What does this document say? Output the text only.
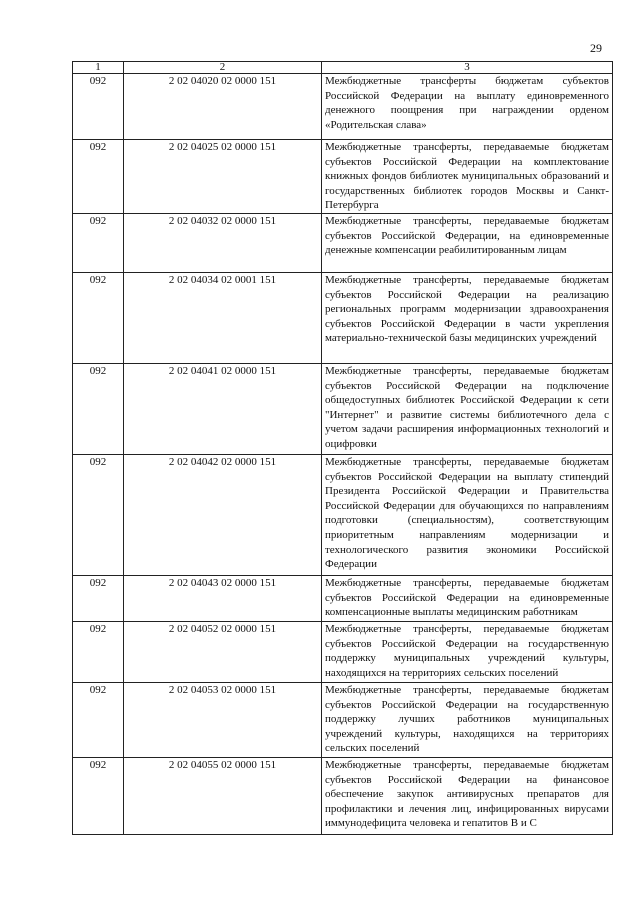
29
1	2	3
092	2 02 04020 02 0000 151	Межбюджетные трансферты бюджетам субъектов Российской Федерации на выплату единовременного денежного поощрения при награждении орденом «Родительская слава»
092	2 02 04025 02 0000 151	Межбюджетные трансферты, передаваемые бюджетам субъектов Российской Федерации на комплектование книжных фондов библиотек муниципальных образований и государственных библиотек городов Москвы и Санкт-Петербурга
092	2 02 04032 02 0000 151	Межбюджетные трансферты, передаваемые бюджетам субъектов Российской Федерации, на единовременные денежные компенсации реабилитированным лицам
092	2 02 04034 02 0001 151	Межбюджетные трансферты, передаваемые бюджетам субъектов Российской Федерации на реализацию региональных программ модернизации здравоохранения субъектов Российской Федерации в части укрепления материально-технической базы медицинских учреждений
092	2 02 04041 02 0000 151	Межбюджетные трансферты, передаваемые бюджетам субъектов Российской Федерации на подключение общедоступных библиотек Российской Федерации к сети "Интернет" и развитие системы библиотечного дела с учетом задачи расширения информационных технологий и оцифровки
092	2 02 04042 02 0000 151	Межбюджетные трансферты, передаваемые бюджетам субъектов Российской Федерации на выплату стипендий Президента Российской Федерации и Правительства Российской Федерации для обучающихся по направлениям подготовки (специальностям), соответствующим приоритетным направлениям модернизации и технологического развития экономики Российской Федерации
092	2 02 04043 02 0000 151	Межбюджетные трансферты, передаваемые бюджетам субъектов Российской Федерации на единовременные компенсационные выплаты медицинским работникам
092	2 02 04052 02 0000 151	Межбюджетные трансферты, передаваемые бюджетам субъектов Российской Федерации на государственную поддержку муниципальных учреждений культуры, находящихся на территориях сельских поселений
092	2 02 04053 02 0000 151	Межбюджетные трансферты, передаваемые бюджетам субъектов Российской Федерации на государственную поддержку лучших работников муниципальных учреждений культуры, находящихся на территориях сельских поселений
092	2 02 04055 02 0000 151	Межбюджетные трансферты, передаваемые бюджетам субъектов Российской Федерации на финансовое обеспечение закупок антивирусных препаратов для профилактики и лечения лиц, инфицированных вирусами иммунодефицита человека и гепатитов В и С
